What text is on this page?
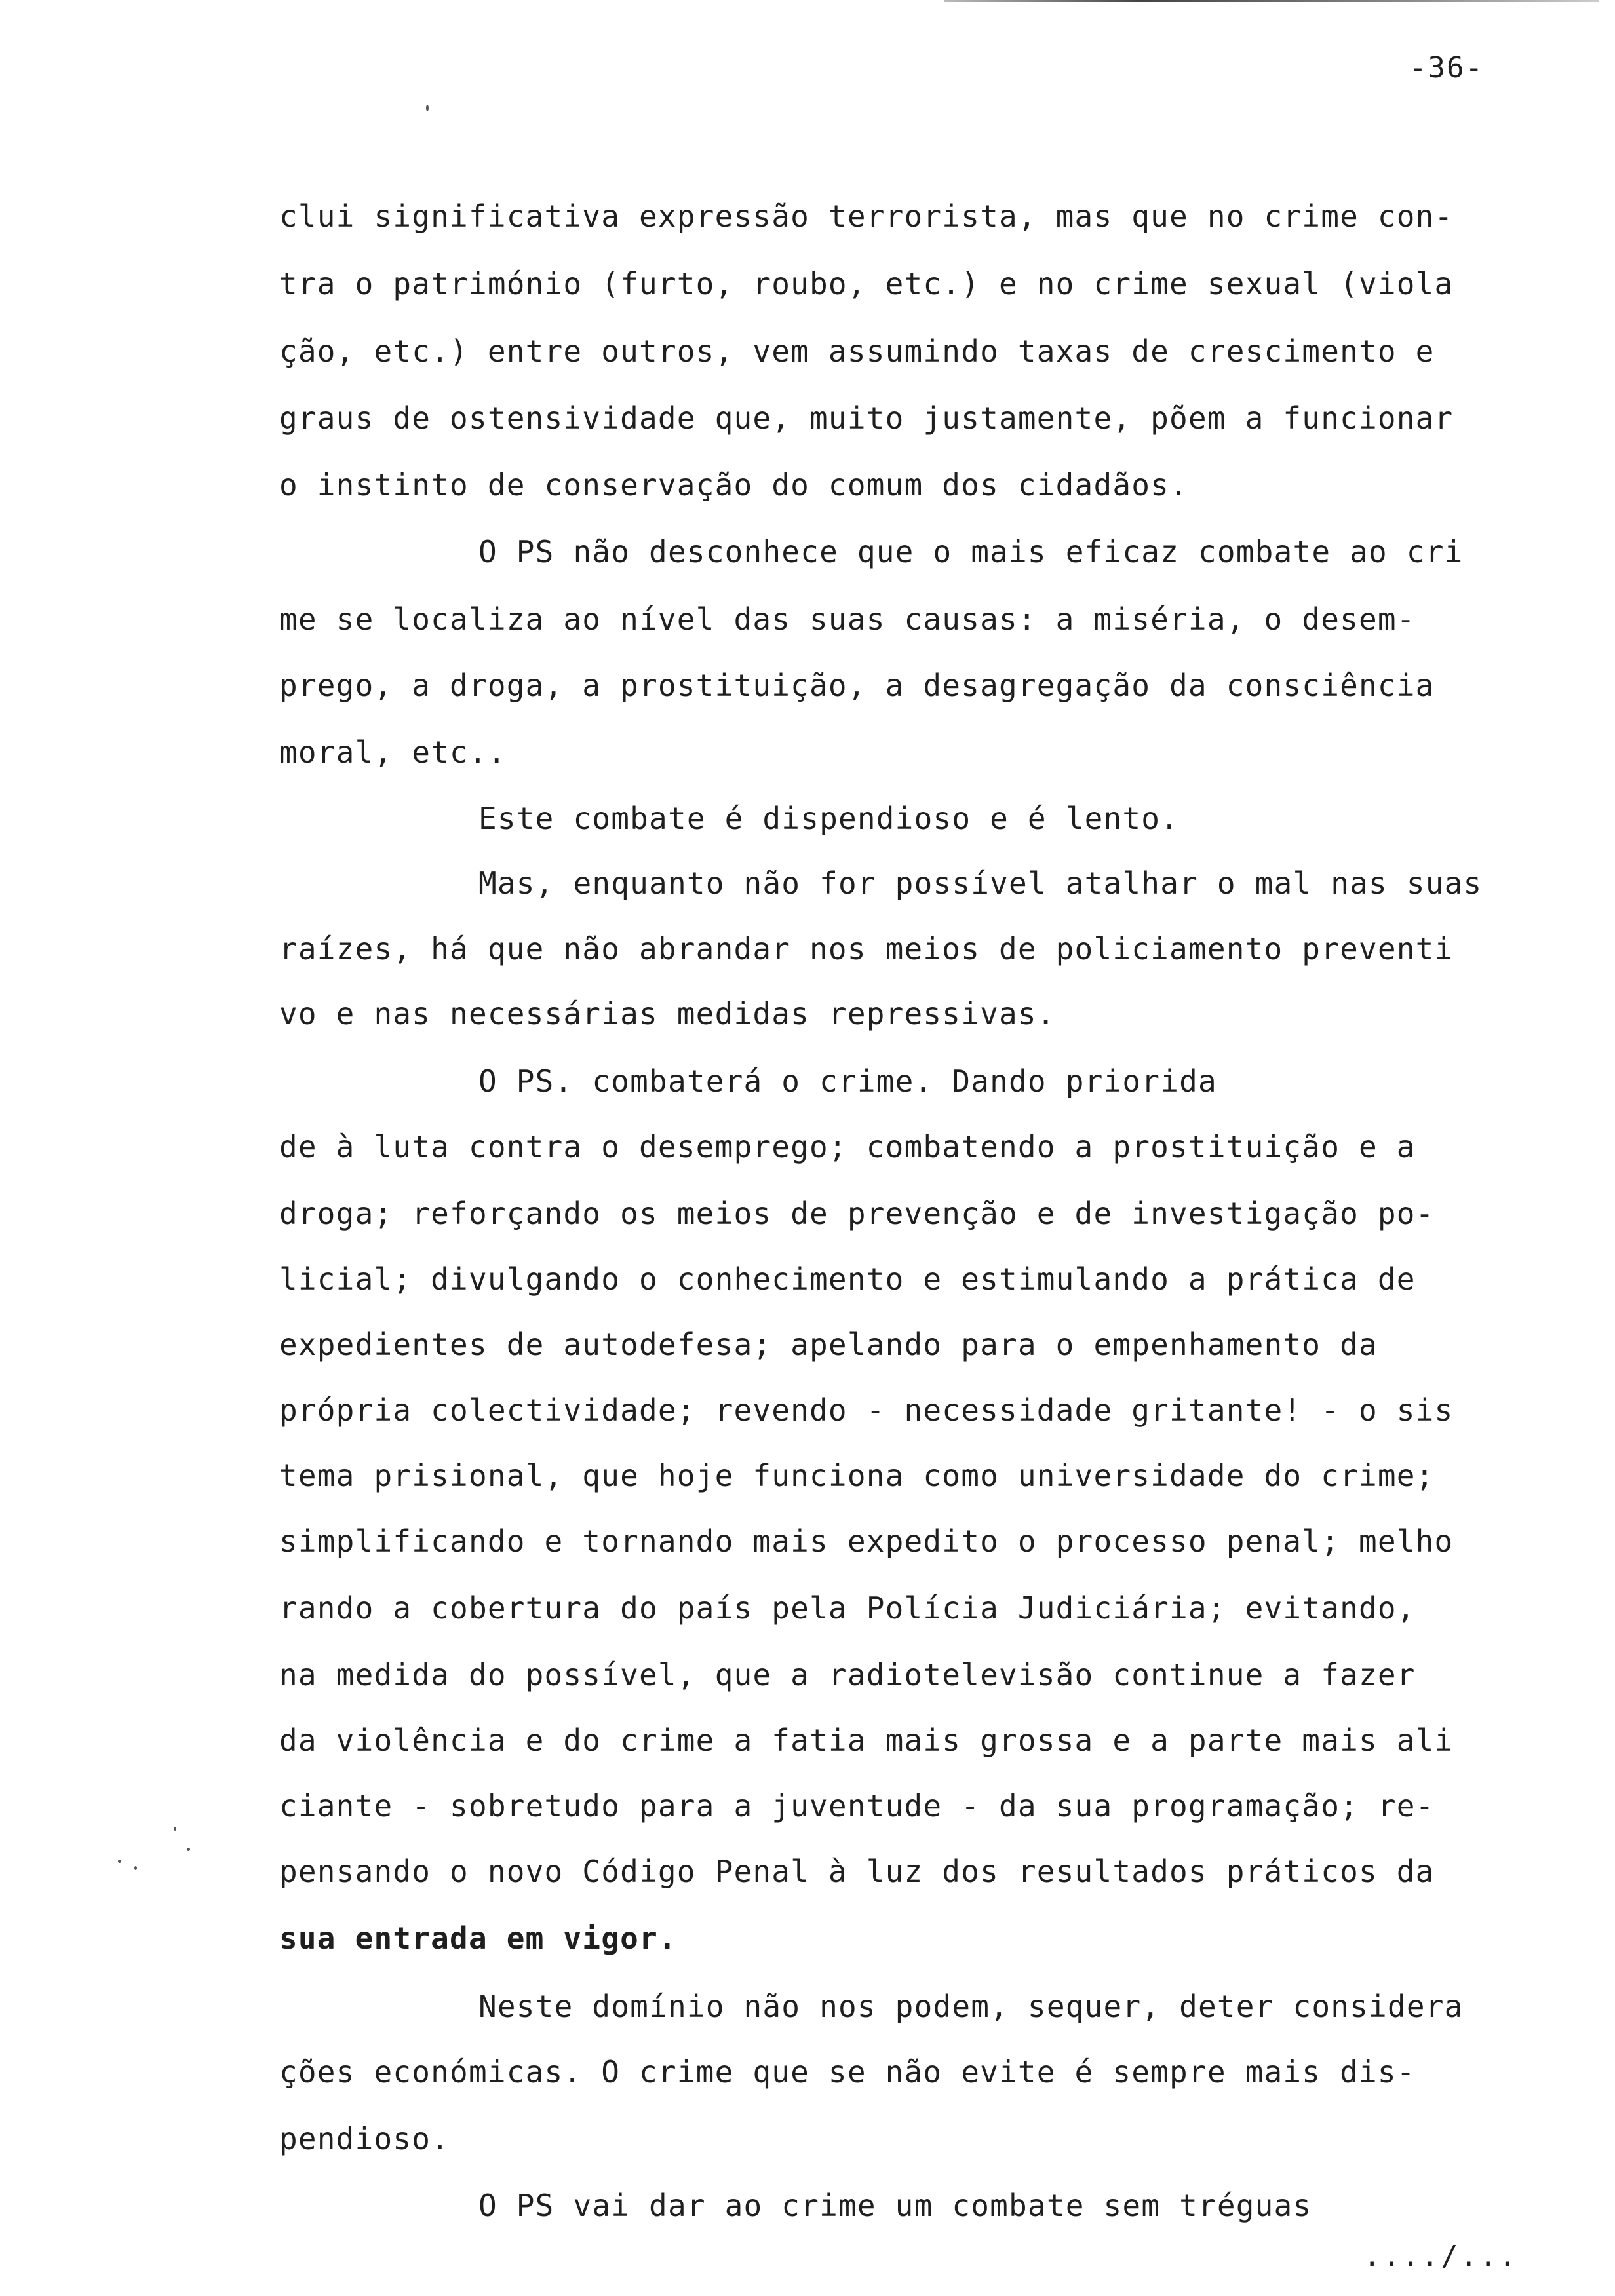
-36-
clui significativa expressão terrorista, mas que no crime con-
tra o património (furto, roubo, etc.) e no crime sexual (viola
ção, etc.) entre outros, vem assumindo taxas de crescimento e
graus de ostensividade que, muito justamente, põem a funcionar
o instinto de conservação do comum dos cidadãos.
O PS não desconhece que o mais eficaz combate ao cri
me se localiza ao nível das suas causas: a miséria, o desem-
prego, a droga, a prostituição, a desagregação da consciência
moral, etc..
Este combate é dispendioso e é lento.
Mas, enquanto não for possível atalhar o mal nas suas
raízes, há que não abrandar nos meios de policiamento preventi
vo e nas necessárias medidas repressivas.
O PS. combaterá o crime. Dando priorida
de à luta contra o desemprego; combatendo a prostituição e a
droga; reforçando os meios de prevenção e de investigação po-
licial; divulgando o conhecimento e estimulando a prática de
expedientes de autodefesa; apelando para o empenhamento da
própria colectividade; revendo - necessidade gritante! - o sis
tema prisional, que hoje funciona como universidade do crime;
simplificando e tornando mais expedito o processo penal; melho
rando a cobertura do país pela Polícia Judiciária; evitando,
na medida do possível, que a radiotelevisão continue a fazer
da violência e do crime a fatia mais grossa e a parte mais ali
ciante - sobretudo para a juventude - da sua programação; re-
pensando o novo Código Penal à luz dos resultados práticos da
sua entrada em vigor.
Neste domínio não nos podem, sequer, deter considera
ções económicas. O crime que se não evite é sempre mais dis-
pendioso.
O PS vai dar ao crime um combate sem tréguas
..../...
